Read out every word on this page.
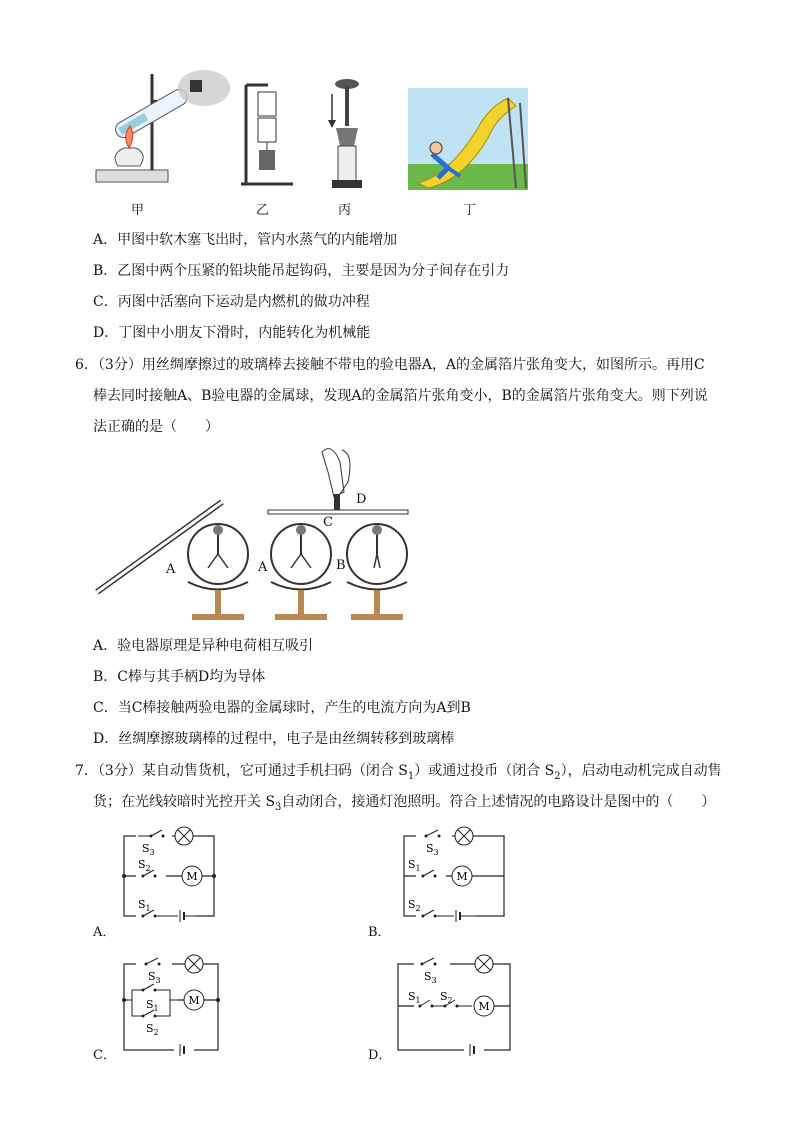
甲	乙	丙	丁
A．甲图中软木塞飞出时，管内水蒸气的内能增加
B．乙图中两个压紧的铅块能吊起钩码，主要是因为分子间存在引力
C．丙图中活塞向下运动是内燃机的做功冲程
D．丁图中小朋友下滑时，内能转化为机械能
6．（3分）用丝绸摩擦过的玻璃棒去接触不带电的验电器A，A的金属箔片张角变大，如图所示。再用C
棒去同时接触A、B验电器的金属球，发现A的金属箔片张角变小，B的金属箔片张角变大。则下列说
法正确的是（　　）
A	A	B
C
D
A．验电器原理是异种电荷相互吸引
B．C棒与其手柄D均为导体
C．当C棒接触两验电器的金属球时，产生的电流方向为A到B
D．丝绸摩擦玻璃棒的过程中，电子是由丝绸转移到玻璃棒
7．（3分）某自动售货机，它可通过手机扫码（闭合 $S_1$）或通过投币（闭合 $S_2$），启动电动机完成自动售
货；在光线较暗时光控开关 $S_3$自动闭合，接通灯泡照明。符合上述情况的电路设计是图中的（　　）
M
$S_3$
$S_2$
$S_1$
A．
M
$S_3$
$S_1$
$S_2$
B．
M
$S_3$
$S_1$
$S_2$
C．
M
$S_3$
$S_1$ $S_2$
D．
